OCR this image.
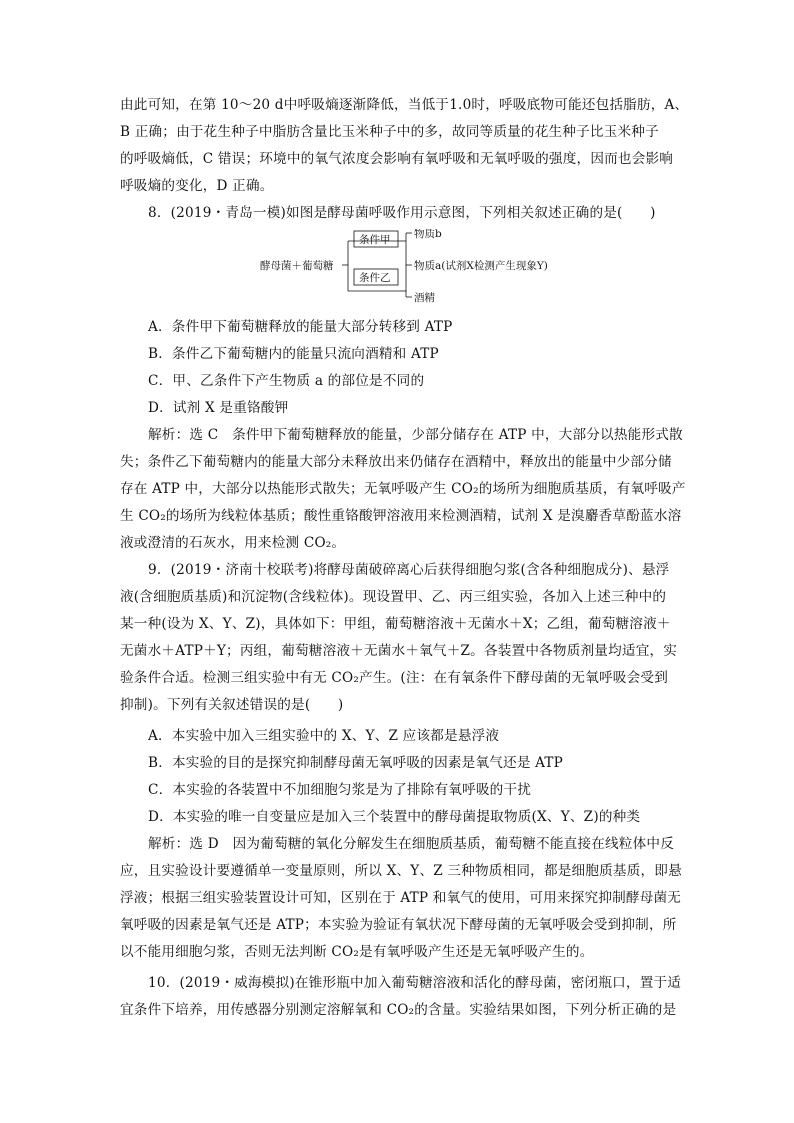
由此可知，在第 10～20 d中呼吸熵逐渐降低，当低于1.0时，呼吸底物可能还包括脂肪，A、
B 正确；由于花生种子中脂肪含量比玉米种子中的多，故同等质量的花生种子比玉米种子
的呼吸熵低，C 错误；环境中的氧气浓度会影响有氧呼吸和无氧呼吸的强度，因而也会影响
呼吸熵的变化，D 正确。
8．(2019・青岛一模)如图是酵母菌呼吸作用示意图，下列相关叙述正确的是(　　)
酵母菌＋葡萄糖
条件甲
条件乙
物质b
物质a(试剂X检测产生现象Y)
酒精
A．条件甲下葡萄糖释放的能量大部分转移到 ATP
B．条件乙下葡萄糖内的能量只流向酒精和 ATP
C．甲、乙条件下产生物质 a 的部位是不同的
D．试剂 X 是重铬酸钾
解析：选 C　条件甲下葡萄糖释放的能量，少部分储存在 ATP 中，大部分以热能形式散
失；条件乙下葡萄糖内的能量大部分未释放出来仍储存在酒精中，释放出的能量中少部分储
存在 ATP 中，大部分以热能形式散失；无氧呼吸产生 CO₂的场所为细胞质基质，有氧呼吸产
生 CO₂的场所为线粒体基质；酸性重铬酸钾溶液用来检测酒精，试剂 X 是溴麝香草酚蓝水溶
液或澄清的石灰水，用来检测 CO₂。
9．(2019・济南十校联考)将酵母菌破碎离心后获得细胞匀浆(含各种细胞成分)、悬浮
液(含细胞质基质)和沉淀物(含线粒体)。现设置甲、乙、丙三组实验，各加入上述三种中的
某一种(设为 X、Y、Z)，具体如下：甲组，葡萄糖溶液＋无菌水＋X；乙组，葡萄糖溶液＋
无菌水＋ATP＋Y；丙组，葡萄糖溶液＋无菌水＋氧气＋Z。各装置中各物质剂量均适宜，实
验条件合适。检测三组实验中有无 CO₂产生。(注：在有氧条件下酵母菌的无氧呼吸会受到
抑制)。下列有关叙述错误的是(　　)
A．本实验中加入三组实验中的 X、Y、Z 应该都是悬浮液
B．本实验的目的是探究抑制酵母菌无氧呼吸的因素是氧气还是 ATP
C．本实验的各装置中不加细胞匀浆是为了排除有氧呼吸的干扰
D．本实验的唯一自变量应是加入三个装置中的酵母菌提取物质(X、Y、Z)的种类
解析：选 D　因为葡萄糖的氧化分解发生在细胞质基质，葡萄糖不能直接在线粒体中反
应，且实验设计要遵循单一变量原则，所以 X、Y、Z 三种物质相同，都是细胞质基质，即悬
浮液；根据三组实验装置设计可知，区别在于 ATP 和氧气的使用，可用来探究抑制酵母菌无
氧呼吸的因素是氧气还是 ATP；本实验为验证有氧状况下酵母菌的无氧呼吸会受到抑制，所
以不能用细胞匀浆，否则无法判断 CO₂是有氧呼吸产生还是无氧呼吸产生的。
10．(2019・威海模拟)在锥形瓶中加入葡萄糖溶液和活化的酵母菌，密闭瓶口，置于适
宜条件下培养，用传感器分别测定溶解氧和 CO₂的含量。实验结果如图，下列分析正确的是
